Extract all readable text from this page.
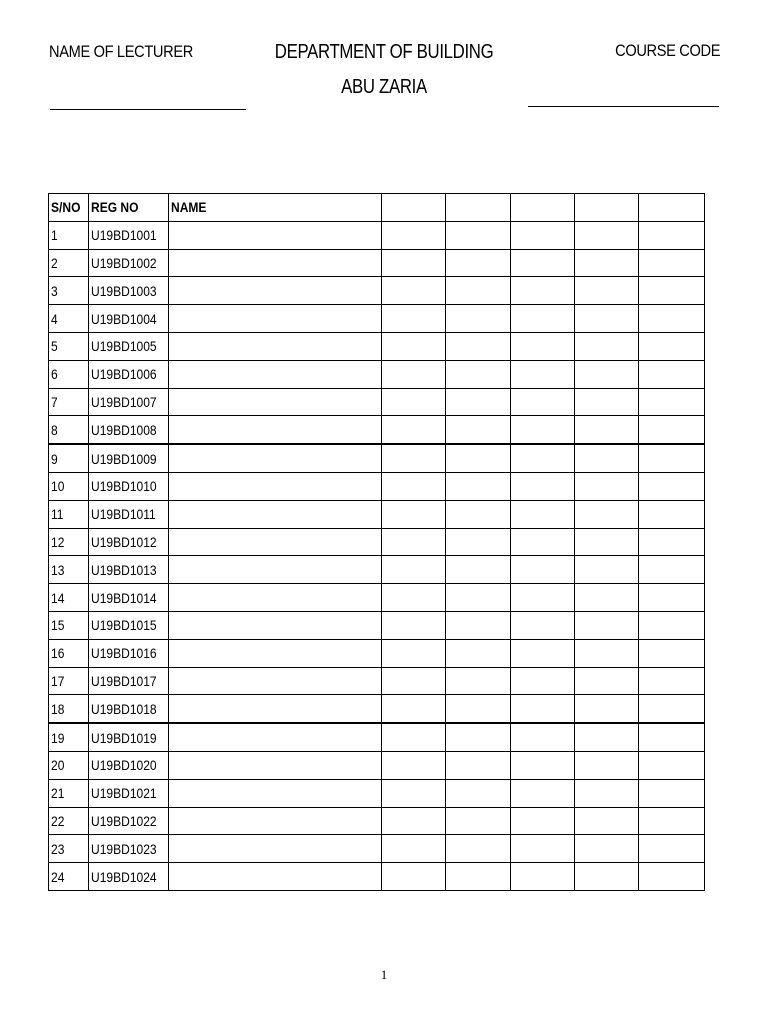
NAME OF LECTURER	DEPARTMENT OF BUILDING
ABU ZARIA
COURSE CODE
S/NO	REG NO	NAME					
1	U19BD1001						
2	U19BD1002						
3	U19BD1003						
4	U19BD1004						
5	U19BD1005						
6	U19BD1006						
7	U19BD1007						
8	U19BD1008						
9	U19BD1009						
10	U19BD1010						
11	U19BD1011						
12	U19BD1012						
13	U19BD1013						
14	U19BD1014						
15	U19BD1015						
16	U19BD1016						
17	U19BD1017						
18	U19BD1018						
19	U19BD1019						
20	U19BD1020						
21	U19BD1021						
22	U19BD1022						
23	U19BD1023						
24	U19BD1024						
1
